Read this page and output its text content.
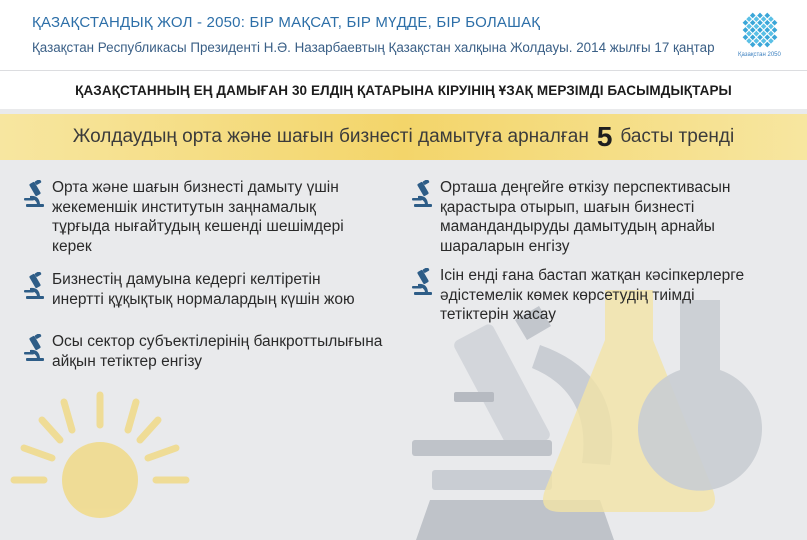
ҚАЗАҚСТАНДЫҚ ЖОЛ - 2050: БІР МАҚСАТ, БІР МҮДДЕ, БІР БОЛАШАҚ
Қазақстан Республикасы Президенті Н.Ә. Назарбаевтың Қазақстан халқына Жолдауы. 2014 жылғы 17 қаңтар	Қазақстан 2050
ҚАЗАҚСТАННЫҢ ЕҢ ДАМЫҒАН 30 ЕЛДІҢ ҚАТАРЫНА КІРУІНІҢ ҰЗАҚ МЕРЗІМДІ БАСЫМДЫҚТАРЫ
Жолдаудың орта және шағын бизнесті дамытуға арналған 5 басты тренді
Орта және шағын бизнесті дамыту үшін
жекеменшік институтын заңнамалық
тұрғыда нығайтудың кешенді шешімдері
керек
Бизнестің дамуына кедергі келтіретін
инертті құқықтық нормалардың күшін жою
Осы сектор субъектілерінің банкроттылығына
айқын тетіктер енгізу
Орташа деңгейге өткізу перспективасын
қарастыра отырып, шағын бизнесті
мамандандыруды дамытудың арнайы
шараларын енгізу
Ісін енді ғана бастап жатқан кәсіпкерлерге
әдістемелік көмек көрсетудің тиімді
тетіктерін жасау
